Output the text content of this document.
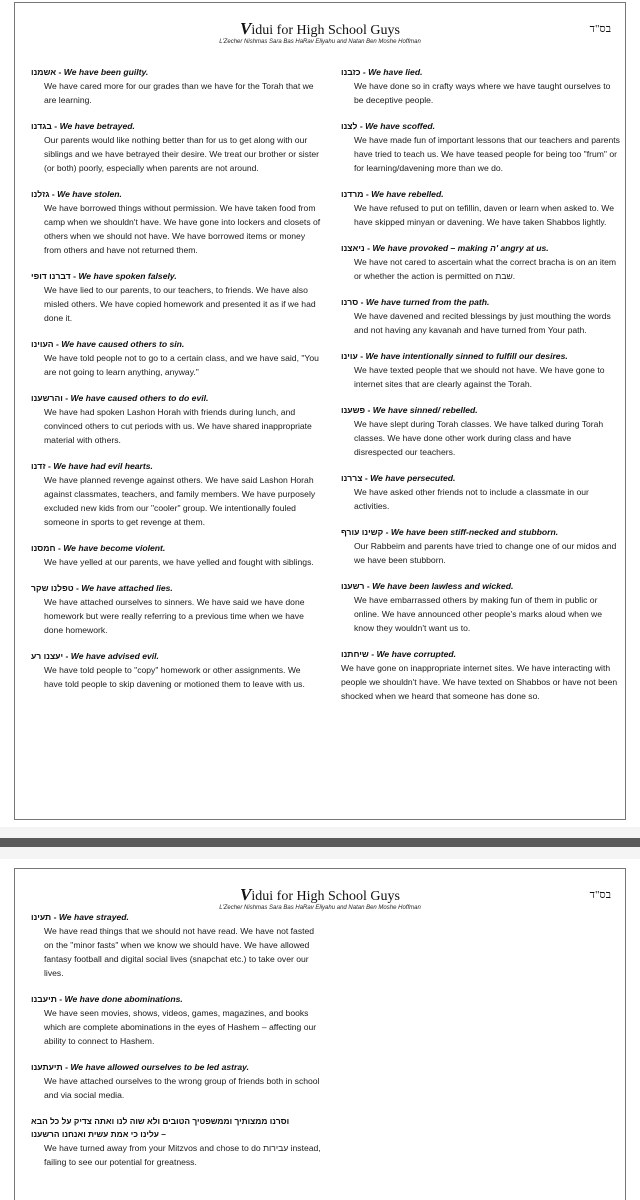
Vidui for High School Guys
L'Zecher Nishmas Sara Bas HaRav Eliyahu and Natan Ben Moshe Hoffman
בס"ד
אשמנו - We have been guilty.
We have cared more for our grades than we have for the Torah that we are learning.
בגדנו - We have betrayed.
Our parents would like nothing better than for us to get along with our siblings and we have betrayed their desire. We treat our brother or sister (or both) poorly, especially when parents are not around.
גזלנו - We have stolen.
We have borrowed things without permission. We have taken food from camp when we shouldn't have. We have gone into lockers and closets of others when we should not have. We have borrowed items or money from others and have not returned them.
דברנו דופי - We have spoken falsely.
We have lied to our parents, to our teachers, to friends. We have also misled others. We have copied homework and presented it as if we had done it.
העוינו - We have caused others to sin.
We have told people not to go to a certain class, and we have said, "You are not going to learn anything, anyway."
והרשענו - We have caused others to do evil.
We have had spoken Lashon Horah with friends during lunch, and convinced others to cut periods with us. We have shared inappropriate material with others.
זדנו - We have had evil hearts.
We have planned revenge against others. We have said Lashon Horah against classmates, teachers, and family members. We have purposely excluded new kids from our "cooler" group. We intentionally fouled someone in sports to get revenge at them.
חמסנו - We have become violent.
We have yelled at our parents, we have yelled and fought with siblings.
טפלנו שקר - We have attached lies.
We have attached ourselves to sinners. We have said we have done homework but were really referring to a previous time when we have done homework.
יעצנו רע - We have advised evil.
We have told people to "copy" homework or other assignments. We have told people to skip davening or motioned them to leave with us.
כזבנו - We have lied.
We have done so in crafty ways where we have taught ourselves to be deceptive people.
לצנו - We have scoffed.
We have made fun of important lessons that our teachers and parents have tried to teach us. We have teased people for being too "frum" or for learning/davening more than we do.
מרדנו - We have rebelled.
We have refused to put on tefillin, daven or learn when asked to. We have skipped minyan or davening. We have taken Shabbos lightly.
ניאצנו - We have provoked – making ה' angry at us.
We have not cared to ascertain what the correct bracha is on an item or whether the action is permitted on שבת.
סרנו - We have turned from the path.
We have davened and recited blessings by just mouthing the words and not having any kavanah and have turned from Your path.
עוינו - We have intentionally sinned to fulfill our desires.
We have texted people that we should not have. We have gone to internet sites that are clearly against the Torah.
פשענו - We have sinned/ rebelled.
We have slept during Torah classes. We have talked during Torah classes. We have done other work during class and have disrespected our teachers.
צררנו - We have persecuted.
We have asked other friends not to include a classmate in our activities.
קשינו עורף - We have been stiff-necked and stubborn.
Our Rabbeim and parents have tried to change one of our midos and we have been stubborn.
רשענו - We have been lawless and wicked.
We have embarrassed others by making fun of them in public or online. We have announced other people's marks aloud when we know they wouldn't want us to.
שיחתנו - We have corrupted.
We have gone on inappropriate internet sites. We have interacting with people we shouldn't have. We have texted on Shabbos or have not been shocked when we heard that someone has done so.
Vidui for High School Guys
L'Zecher Nishmas Sara Bas HaRav Eliyahu and Natan Ben Moshe Hoffman
בס"ד
תעינו - We have strayed.
We have read things that we should not have read. We have not fasted on the "minor fasts" when we know we should have. We have allowed fantasy football and digital social lives (snapchat etc.) to take over our lives.
תיעבנו - We have done abominations.
We have seen movies, shows, videos, games, magazines, and books which are complete abominations in the eyes of Hashem – affecting our ability to connect to Hashem.
תיעתענו - We have allowed ourselves to be led astray.
We have attached ourselves to the wrong group of friends both in school and via social media.
וסרנו ממצותיך וממשפטיך הטובים ולא שוה לנו ואתה צדיק על כל הבא
עלינו כי אמת עשית ואנחנו הרשענו –
We have turned away from your Mitzvos and chose to do עבירות instead, failing to see our potential for greatness.
